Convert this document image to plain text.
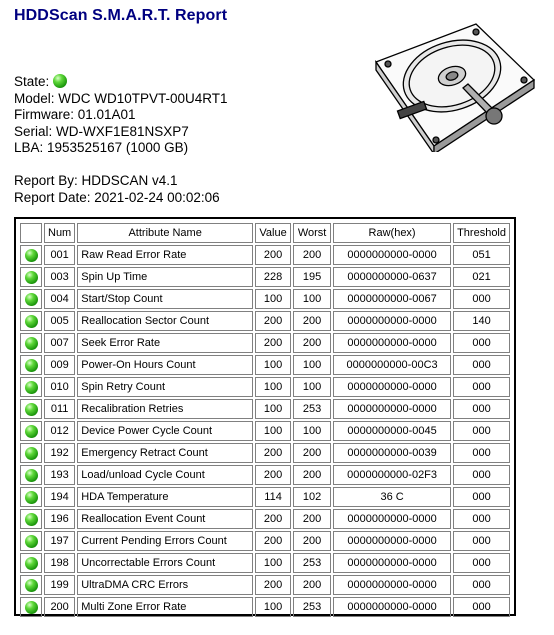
HDDScan S.M.A.R.T. Report
State:
Model: WDC WD10TPVT-00U4RT1
Firmware: 01.01A01
Serial: WD-WXF1E81NSXP7
LBA: 1953525167 (1000 GB)
Report By: HDDSCAN v4.1
Report Date: 2021-02-24 00:02:06
	Num	Attribute Name	Value	Worst	Raw(hex)	Threshold
	001	Raw Read Error Rate	200	200	0000000000-0000	051
	003	Spin Up Time	228	195	0000000000-0637	021
	004	Start/Stop Count	100	100	0000000000-0067	000
	005	Reallocation Sector Count	200	200	0000000000-0000	140
	007	Seek Error Rate	200	200	0000000000-0000	000
	009	Power-On Hours Count	100	100	0000000000-00C3	000
	010	Spin Retry Count	100	100	0000000000-0000	000
	011	Recalibration Retries	100	253	0000000000-0000	000
	012	Device Power Cycle Count	100	100	0000000000-0045	000
	192	Emergency Retract Count	200	200	0000000000-0039	000
	193	Load/unload Cycle Count	200	200	0000000000-02F3	000
	194	HDA Temperature	114	102	36 C	000
	196	Reallocation Event Count	200	200	0000000000-0000	000
	197	Current Pending Errors Count	200	200	0000000000-0000	000
	198	Uncorrectable Errors Count	100	253	0000000000-0000	000
	199	UltraDMA CRC Errors	200	200	0000000000-0000	000
	200	Multi Zone Error Rate	100	253	0000000000-0000	000
